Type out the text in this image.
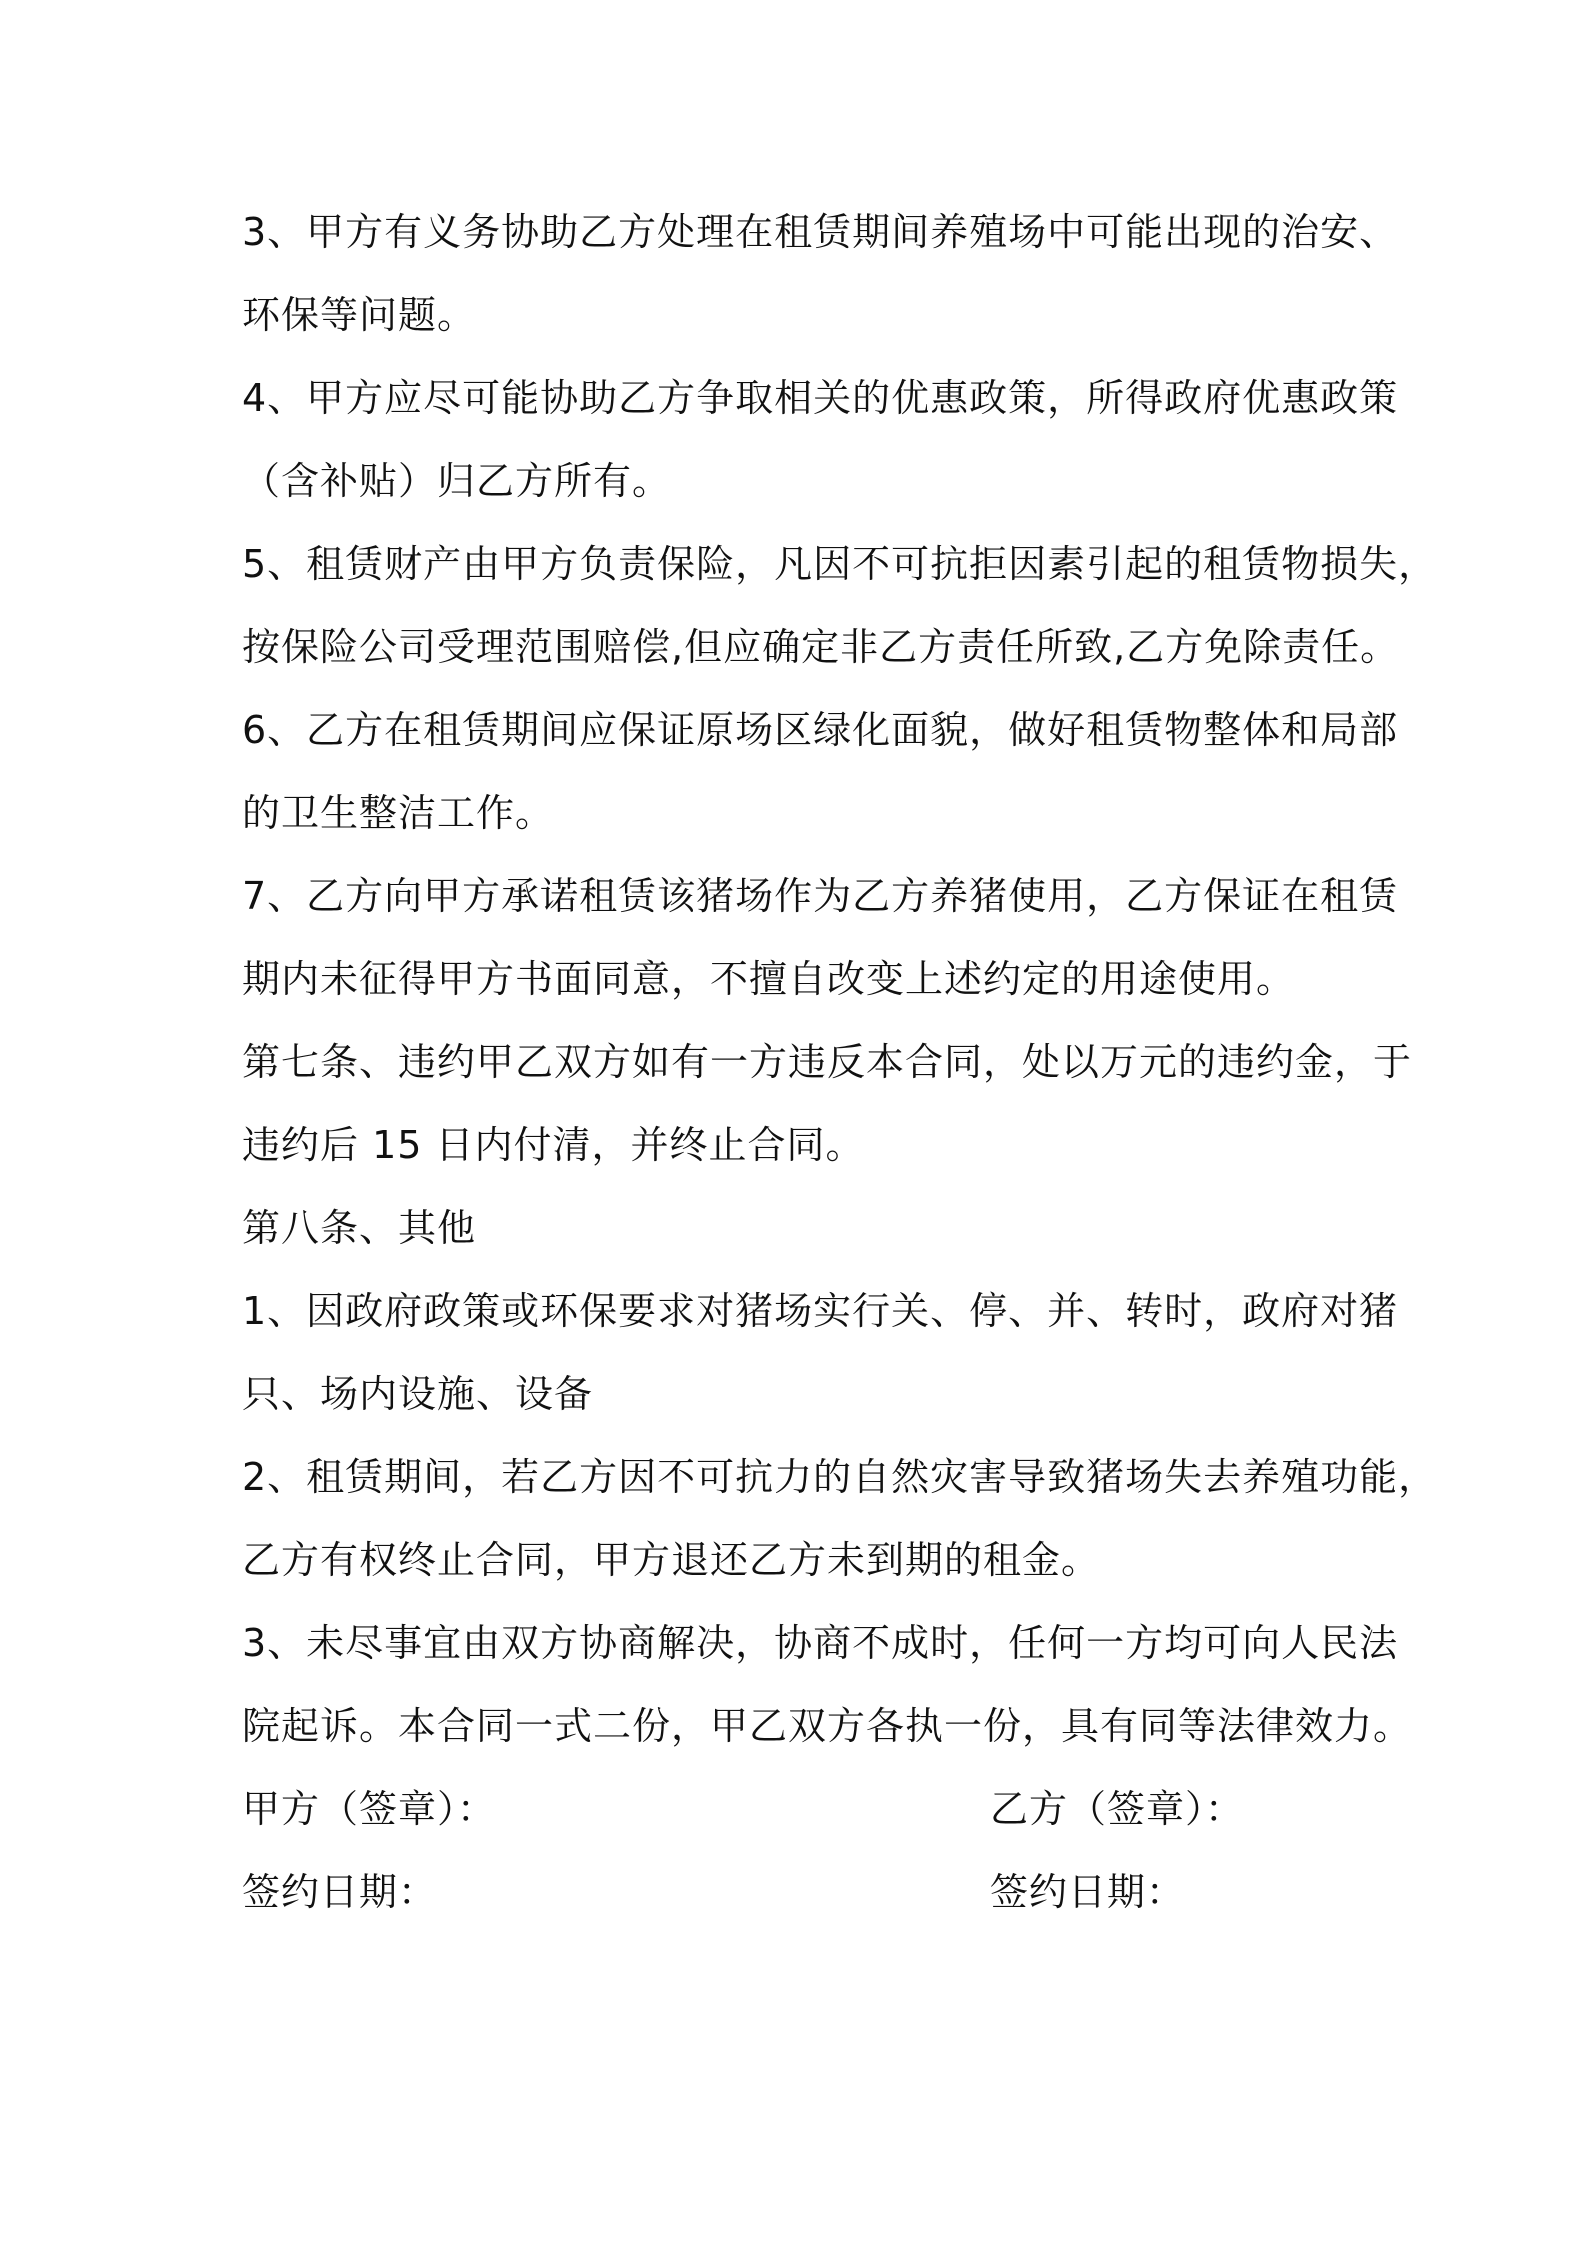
3、甲方有义务协助乙方处理在租赁期间养殖场中可能出现的治安、
环保等问题。
4、甲方应尽可能协助乙方争取相关的优惠政策，所得政府优惠政策
（含补贴）归乙方所有。
5、租赁财产由甲方负责保险，凡因不可抗拒因素引起的租赁物损失，
按保险公司受理范围赔偿,但应确定非乙方责任所致,乙方免除责任。
6、乙方在租赁期间应保证原场区绿化面貌，做好租赁物整体和局部
的卫生整洁工作。
7、乙方向甲方承诺租赁该猪场作为乙方养猪使用，乙方保证在租赁
期内未征得甲方书面同意，不擅自改变上述约定的用途使用。
第七条、违约甲乙双方如有一方违反本合同，处以万元的违约金，于
违约后 15 日内付清，并终止合同。
第八条、其他
1、因政府政策或环保要求对猪场实行关、停、并、转时，政府对猪
只、场内设施、设备
2、租赁期间，若乙方因不可抗力的自然灾害导致猪场失去养殖功能，
乙方有权终止合同，甲方退还乙方未到期的租金。
3、未尽事宜由双方协商解决，协商不成时，任何一方均可向人民法
院起诉。本合同一式二份，甲乙双方各执一份，具有同等法律效力。
甲方（签章）：	乙方（签章）：
签约日期：	签约日期：
